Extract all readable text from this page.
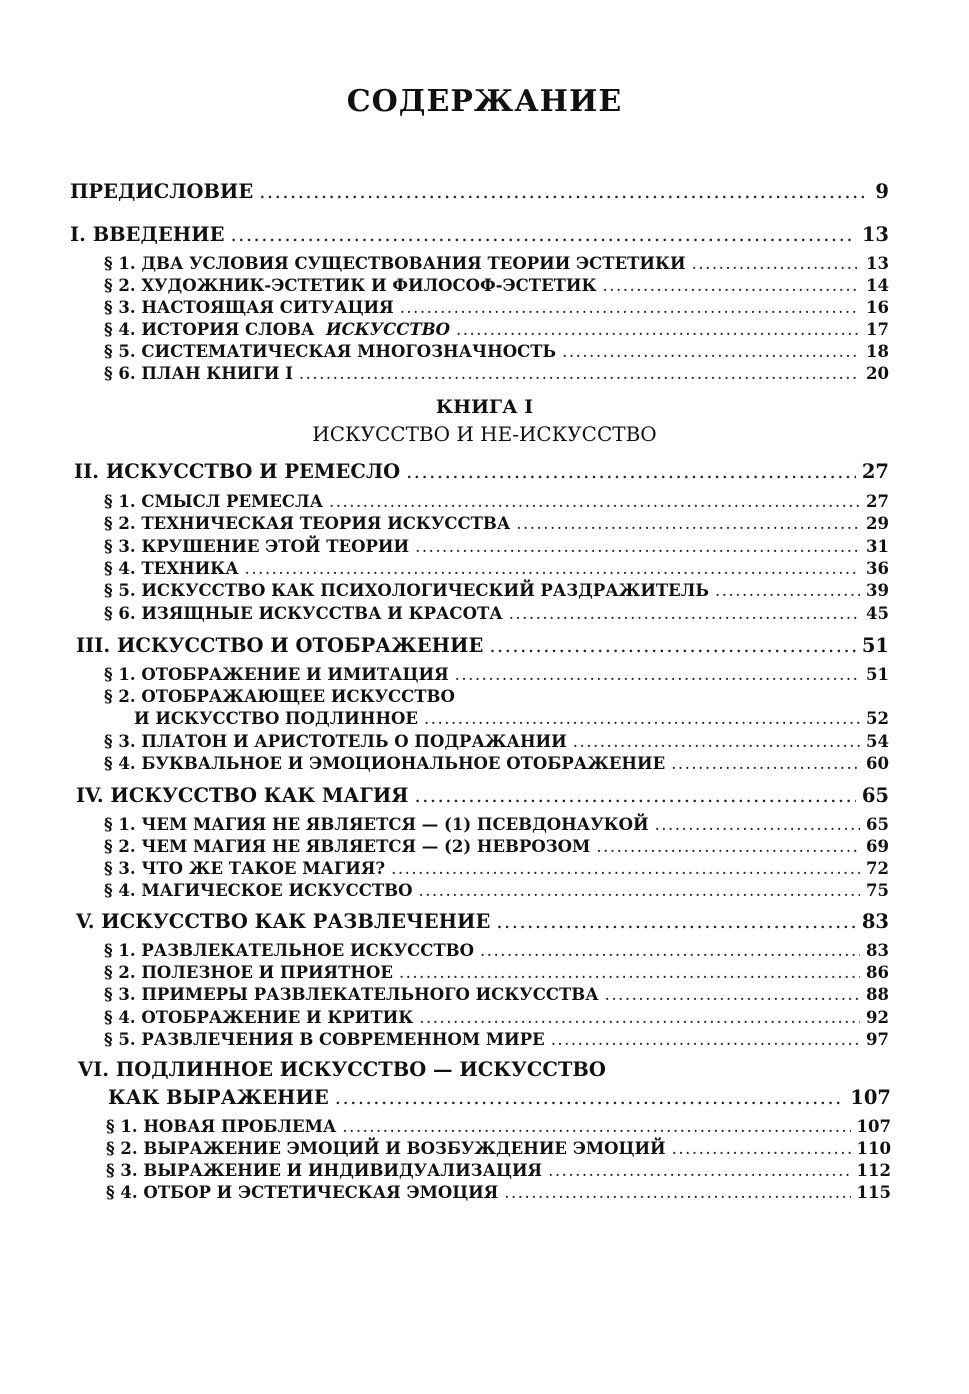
СОДЕРЖАНИЕ
ПРЕДИСЛОВИЕ .....	9
I. ВВЕДЕНИЕ .....	13
§ 1. ДВА УСЛОВИЯ СУЩЕСТВОВАНИЯ ТЕОРИИ ЭСТЕТИКИ .....	13
§ 2. ХУДОЖНИК-ЭСТЕТИК И ФИЛОСОФ-ЭСТЕТИК .....	14
§ 3. НАСТОЯЩАЯ СИТУАЦИЯ .....	16
§ 4. ИСТОРИЯ СЛОВА ИСКУССТВО .....	17
§ 5. СИСТЕМАТИЧЕСКАЯ МНОГОЗНАЧНОСТЬ .....	18
§ 6. ПЛАН КНИГИ I .....	20
КНИГА I
ИСКУССТВО И НЕ-ИСКУССТВО
II. ИСКУССТВО И РЕМЕСЛО .....	27
§ 1. СМЫСЛ РЕМЕСЛА .....	27
§ 2. ТЕХНИЧЕСКАЯ ТЕОРИЯ ИСКУССТВА .....	29
§ 3. КРУШЕНИЕ ЭТОЙ ТЕОРИИ .....	31
§ 4. ТЕХНИКА .....	36
§ 5. ИСКУССТВО КАК ПСИХОЛОГИЧЕСКИЙ РАЗДРАЖИТЕЛЬ .....	39
§ 6. ИЗЯЩНЫЕ ИСКУССТВА И КРАСОТА .....	45
III. ИСКУССТВО И ОТОБРАЖЕНИЕ .....	51
§ 1. ОТОБРАЖЕНИЕ И ИМИТАЦИЯ .....	51
§ 2. ОТОБРАЖАЮЩЕЕ ИСКУССТВО
И ИСКУССТВО ПОДЛИННОЕ .....	52
§ 3. ПЛАТОН И АРИСТОТЕЛЬ О ПОДРАЖАНИИ .....	54
§ 4. БУКВАЛЬНОЕ И ЭМОЦИОНАЛЬНОЕ ОТОБРАЖЕНИЕ .....	60
IV. ИСКУССТВО КАК МАГИЯ .....	65
§ 1. ЧЕМ МАГИЯ НЕ ЯВЛЯЕТСЯ — (1) ПСЕВДОНАУКОЙ .....	65
§ 2. ЧЕМ МАГИЯ НЕ ЯВЛЯЕТСЯ — (2) НЕВРОЗОМ .....	69
§ 3. ЧТО ЖЕ ТАКОЕ МАГИЯ? .....	72
§ 4. МАГИЧЕСКОЕ ИСКУССТВО .....	75
V. ИСКУССТВО КАК РАЗВЛЕЧЕНИЕ .....	83
§ 1. РАЗВЛЕКАТЕЛЬНОЕ ИСКУССТВО .....	83
§ 2. ПОЛЕЗНОЕ И ПРИЯТНОЕ .....	86
§ 3. ПРИМЕРЫ РАЗВЛЕКАТЕЛЬНОГО ИСКУССТВА .....	88
§ 4. ОТОБРАЖЕНИЕ И КРИТИК .....	92
§ 5. РАЗВЛЕЧЕНИЯ В СОВРЕМЕННОМ МИРЕ .....	97
VI. ПОДЛИННОЕ ИСКУССТВО — ИСКУССТВО
КАК ВЫРАЖЕНИЕ .....	107
§ 1. НОВАЯ ПРОБЛЕМА .....	107
§ 2. ВЫРАЖЕНИЕ ЭМОЦИЙ И ВОЗБУЖДЕНИЕ ЭМОЦИЙ .....	110
§ 3. ВЫРАЖЕНИЕ И ИНДИВИДУАЛИЗАЦИЯ .....	112
§ 4. ОТБОР И ЭСТЕТИЧЕСКАЯ ЭМОЦИЯ .....	115
